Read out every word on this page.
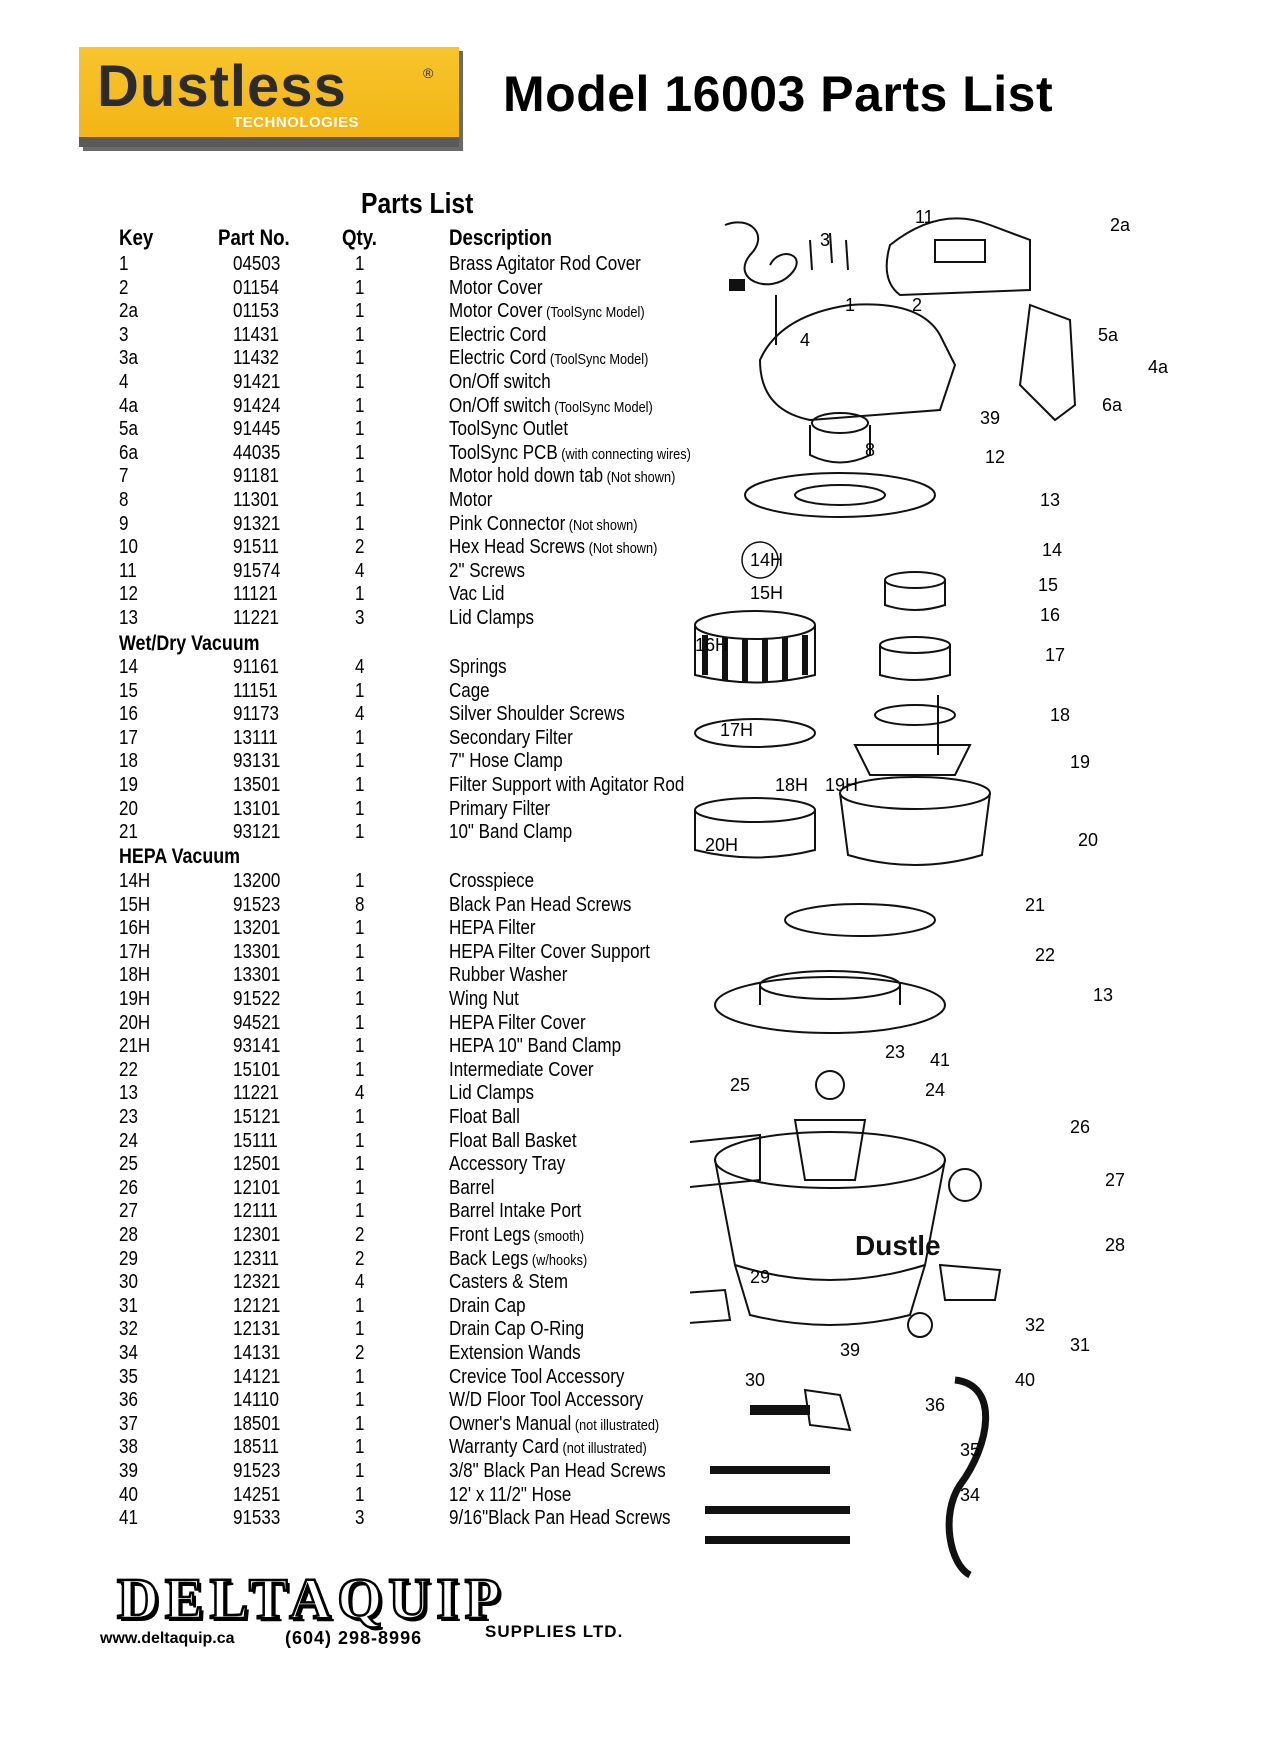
Dustless	®
TECHNOLOGIES
Model 16003 Parts List
Parts List
Key	Part No. Qty.	Description
1	04503	1	Brass Agitator Rod Cover
2	01154	1	Motor Cover
2a	01153	1	Motor Cover (ToolSync Model)
3	11431	1	Electric Cord
3a	11432	1	Electric Cord (ToolSync Model)
4	91421	1	On/Off switch
4a	91424	1	On/Off switch (ToolSync Model)
5a	91445	1	ToolSync Outlet
6a	44035	1	ToolSync PCB (with connecting wires)
7	91181	1	Motor hold down tab (Not shown)
8	11301	1	Motor
9	91321	1	Pink Connector (Not shown)
10	91511	2	Hex Head Screws (Not shown)
11	91574	4	2" Screws
12	11121	1	Vac Lid
13	11221	3	Lid Clamps
Wet/Dry Vacuum
14	91161	4	Springs
15	11151	1	Cage
16	91173	4	Silver Shoulder Screws
17	13111	1	Secondary Filter
18	93131	1	7" Hose Clamp
19	13501	1	Filter Support with Agitator Rod
20	13101	1	Primary Filter
21	93121	1	10" Band Clamp
HEPA Vacuum
14H	13200	1	Crosspiece
15H	91523	8	Black Pan Head Screws
16H	13201	1	HEPA Filter
17H	13301	1	HEPA Filter Cover Support
18H	13301	1	Rubber Washer
19H	91522	1	Wing Nut
20H	94521	1	HEPA Filter Cover
21H	93141	1	HEPA 10" Band Clamp
22	15101	1	Intermediate Cover
13	11221	4	Lid Clamps
23	15121	1	Float Ball
24	15111	1	Float Ball Basket
25	12501	1	Accessory Tray
26	12101	1	Barrel
27	12111	1	Barrel Intake Port
28	12301	2	Front Legs (smooth)
29	12311	2	Back Legs (w/hooks)
30	12321	4	Casters & Stem
31	12121	1	Drain Cap
32	12131	1	Drain Cap O-Ring
34	14131	2	Extension Wands
35	14121	1	Crevice Tool Accessory
36	14110	1	W/D Floor Tool Accessory
37	18501	1	Owner's Manual (not illustrated)
38	18511	1	Warranty Card (not illustrated)
39	91523	1	3/8" Black Pan Head Screws
40	14251	1	12' x 11/2" Hose
41	91533	3	9/16"Black Pan Head Screws
Dustle
3
11	2a
1	2
4	5a
4a
6a
39
8	12
13
14H	14
15H	15
16
16H	17
17H
18
19
18H 19H
20H	20
21
22
13
23 41
25	24
26
27
28
29
32
31
39
30	40
36
35
34
DELTAQUIP
SUPPLIES LTD.
www.deltaquip.ca	(604) 298-8996
